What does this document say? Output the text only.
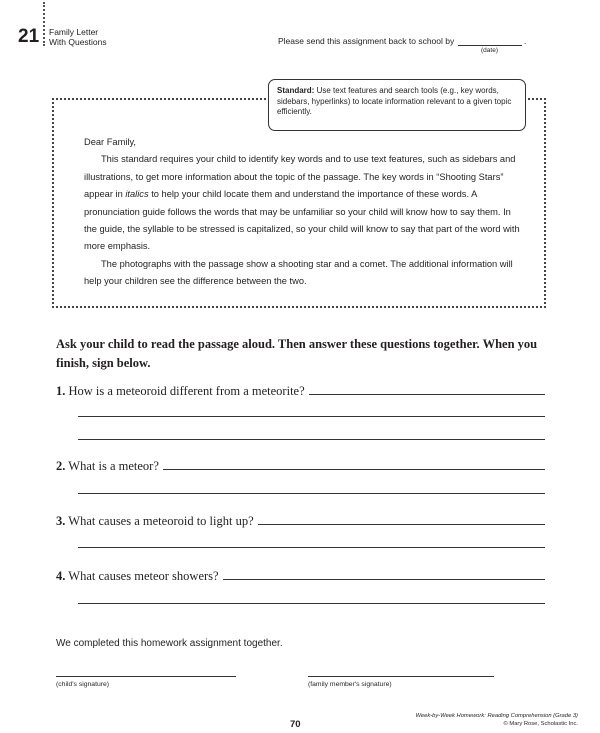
21 Family Letter
With Questions	Please send this assignment back to school by	.
(date)
Standard: Use text features and search tools (e.g., key words, sidebars, hyperlinks) to locate information relevant to a given topic efficiently.

Dear Family,

This standard requires your child to identify key words and to use text features, such as sidebars and illustrations, to get more information about the topic of the passage. The key words in “Shooting Stars” appear in italics to help your child locate them and understand the importance of these words. A pronunciation guide follows the words that may be unfamiliar so your child will know how to say them. In the guide, the syllable to be stressed is capitalized, so your child will know to say that part of the word with more emphasis.

The photographs with the passage show a shooting star and a comet. The additional information will help your children see the difference between the two.

Ask your child to read the passage aloud. Then answer these questions together. When you finish, sign below.
1. How is a meteoroid different from a meteorite?
2. What is a meteor?
3. What causes a meteoroid to light up?
4. What causes meteor showers?
We completed this homework assignment together.
(child's signature)	(family member's signature)
70
Week-by-Week Homework: Reading Comprehension (Grade 3)
© Mary Rose, Scholastic Inc.
